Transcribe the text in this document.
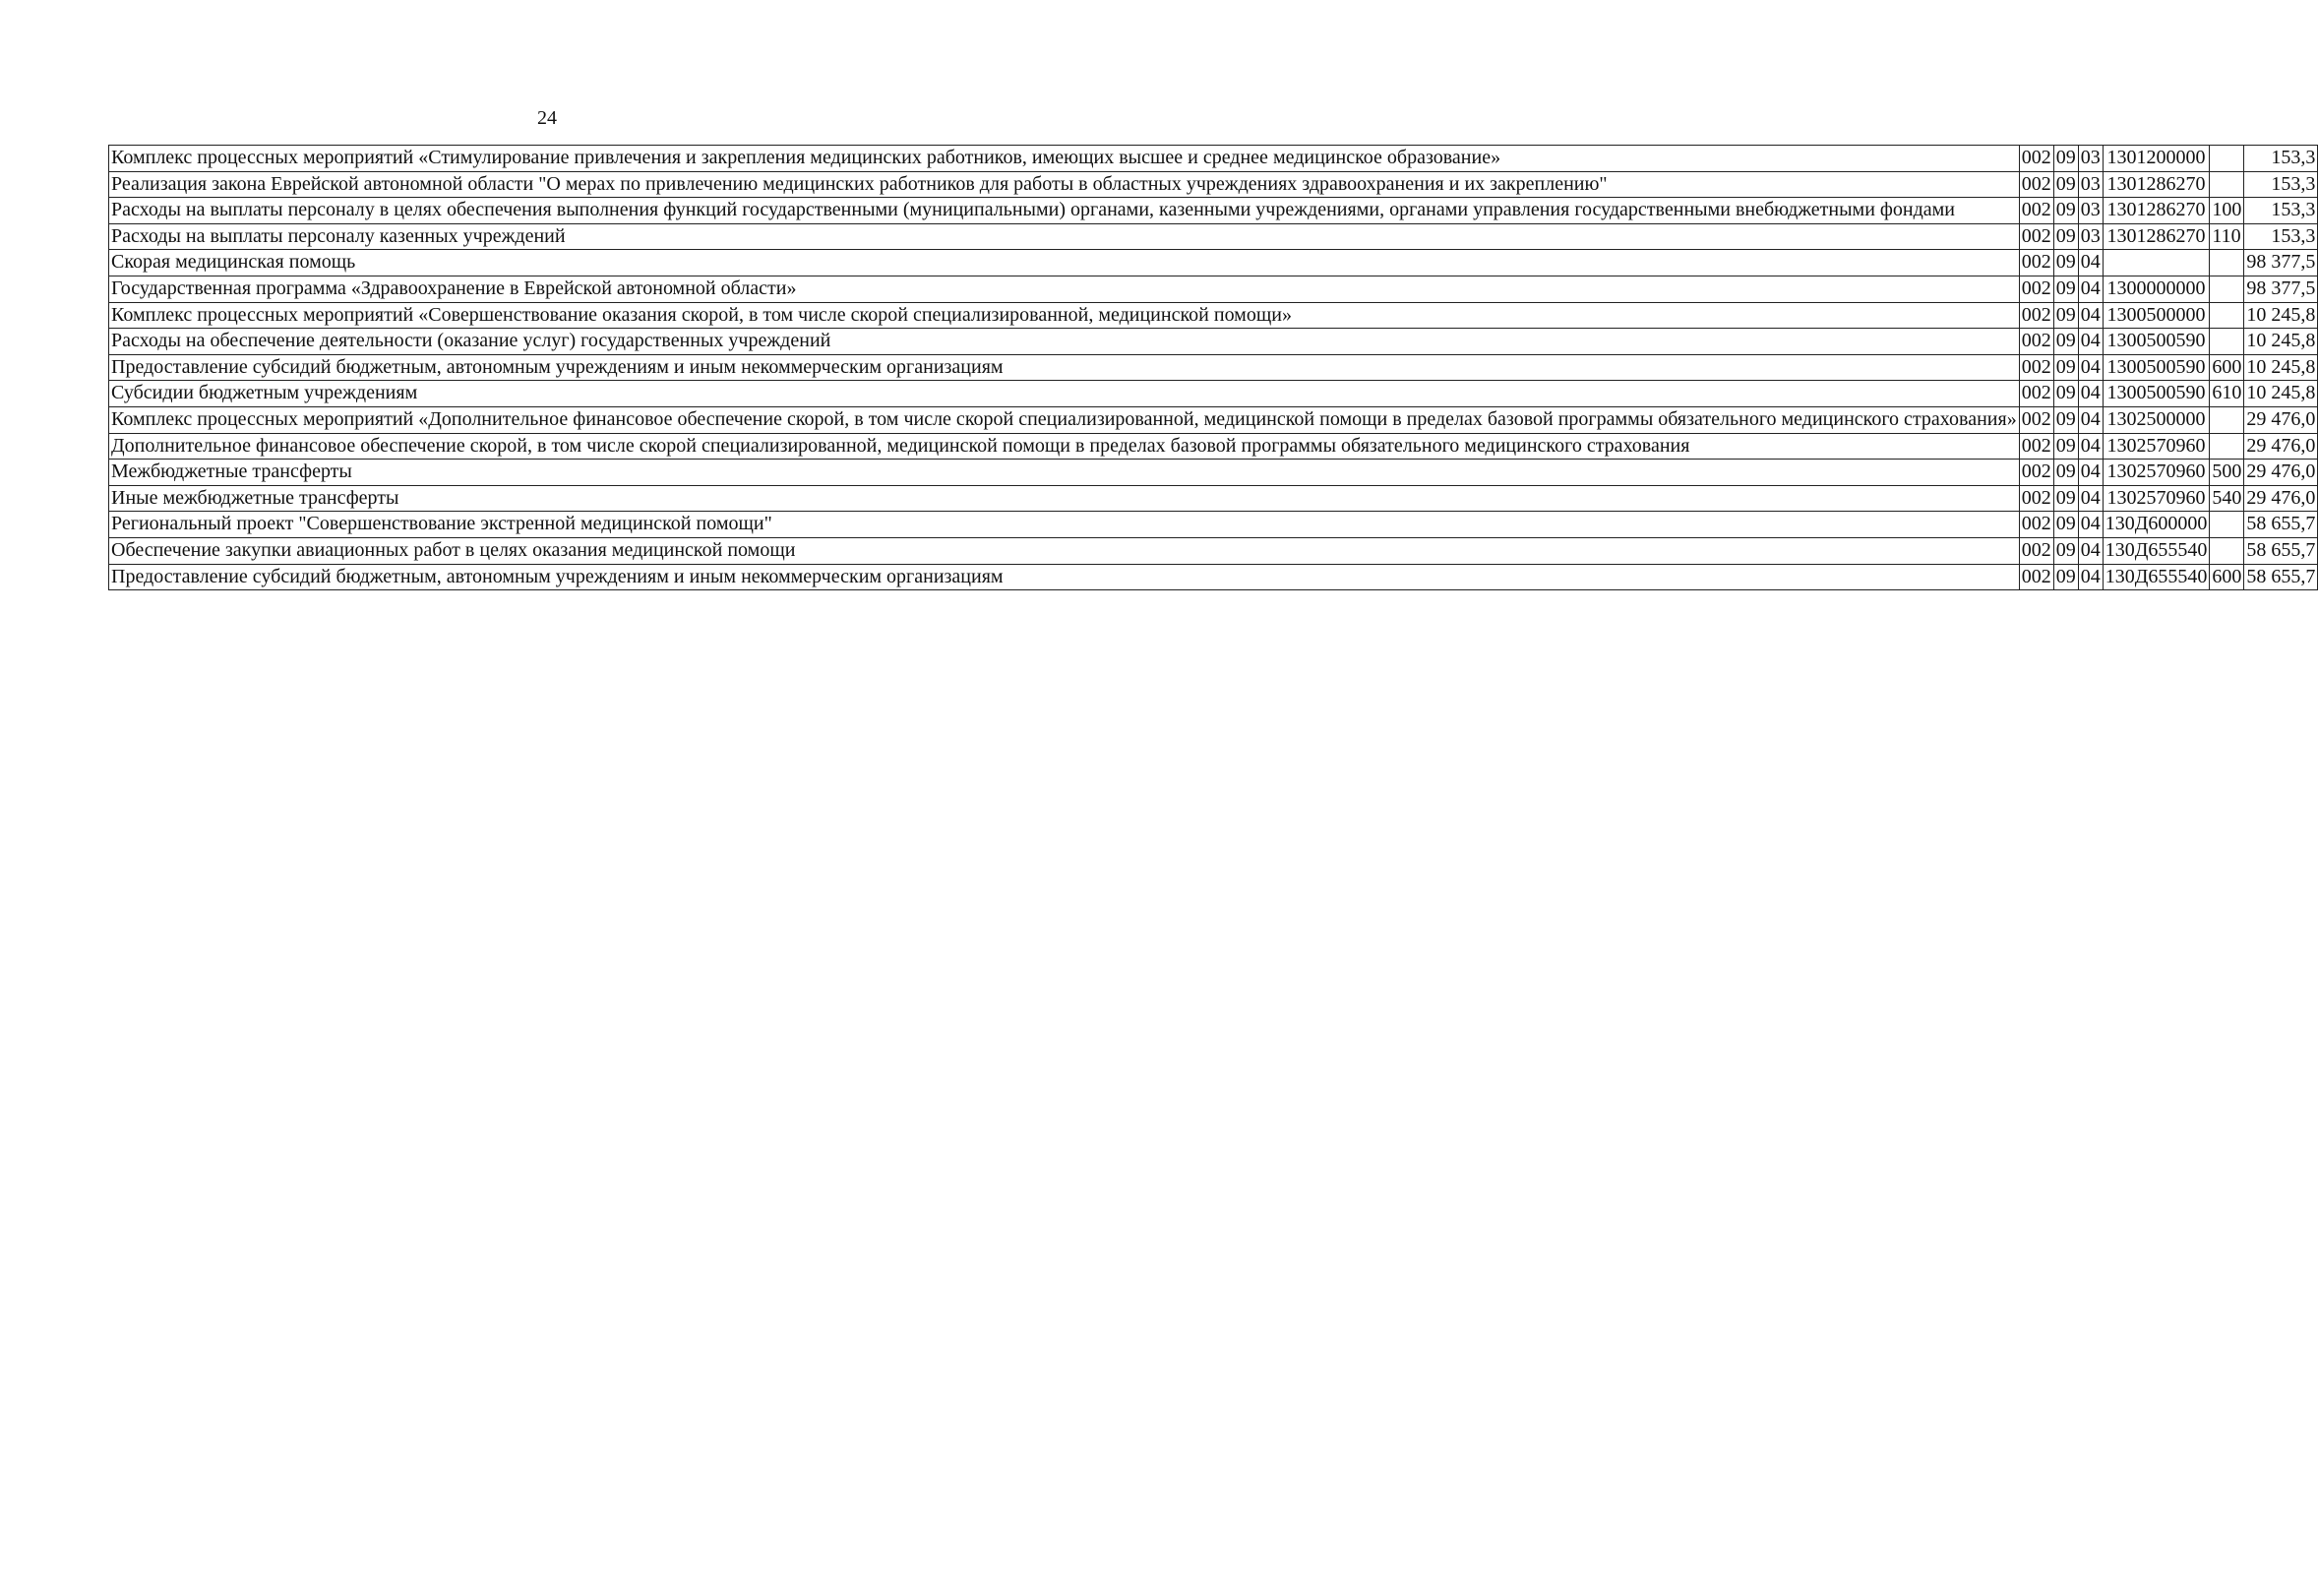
24
Комплекс процессных мероприятий «Стимулирование привлечения и закрепления медицинских работников, имеющих высшее и среднее медицинское образование»	002	09	03	1301200000		153,3
Реализация закона Еврейской автономной области "О мерах по привлечению медицинских работников для работы в областных учреждениях здравоохранения и их закреплению"	002	09	03	1301286270		153,3
Расходы на выплаты персоналу в целях обеспечения выполнения функций государственными (муниципальными) органами, казенными учреждениями, органами управления государственными внебюджетными фондами	002	09	03	1301286270	100	153,3
Расходы на выплаты персоналу казенных учреждений	002	09	03	1301286270	110	153,3
Скорая медицинская помощь	002	09	04			98 377,5
Государственная программа «Здравоохранение в Еврейской автономной области»	002	09	04	1300000000		98 377,5
Комплекс процессных мероприятий «Совершенствование оказания скорой, в том числе скорой специализированной, медицинской помощи»	002	09	04	1300500000		10 245,8
Расходы на обеспечение деятельности (оказание услуг) государственных учреждений	002	09	04	1300500590		10 245,8
Предоставление субсидий бюджетным, автономным учреждениям и иным некоммерческим организациям	002	09	04	1300500590	600	10 245,8
Субсидии бюджетным учреждениям	002	09	04	1300500590	610	10 245,8
Комплекс процессных мероприятий «Дополнительное финансовое обеспечение скорой, в том числе скорой специализированной, медицинской помощи в пределах базовой программы обязательного медицинского страхования»	002	09	04	1302500000		29 476,0
Дополнительное финансовое обеспечение скорой, в том числе скорой специализированной, медицинской помощи в пределах базовой программы обязательного медицинского страхования	002	09	04	1302570960		29 476,0
Межбюджетные трансферты	002	09	04	1302570960	500	29 476,0
Иные межбюджетные трансферты	002	09	04	1302570960	540	29 476,0
Региональный проект "Совершенствование экстренной медицинской помощи"	002	09	04	130Д600000		58 655,7
Обеспечение закупки авиационных работ в целях оказания медицинской помощи	002	09	04	130Д655540		58 655,7
Предоставление субсидий бюджетным, автономным учреждениям и иным некоммерческим организациям	002	09	04	130Д655540	600	58 655,7
